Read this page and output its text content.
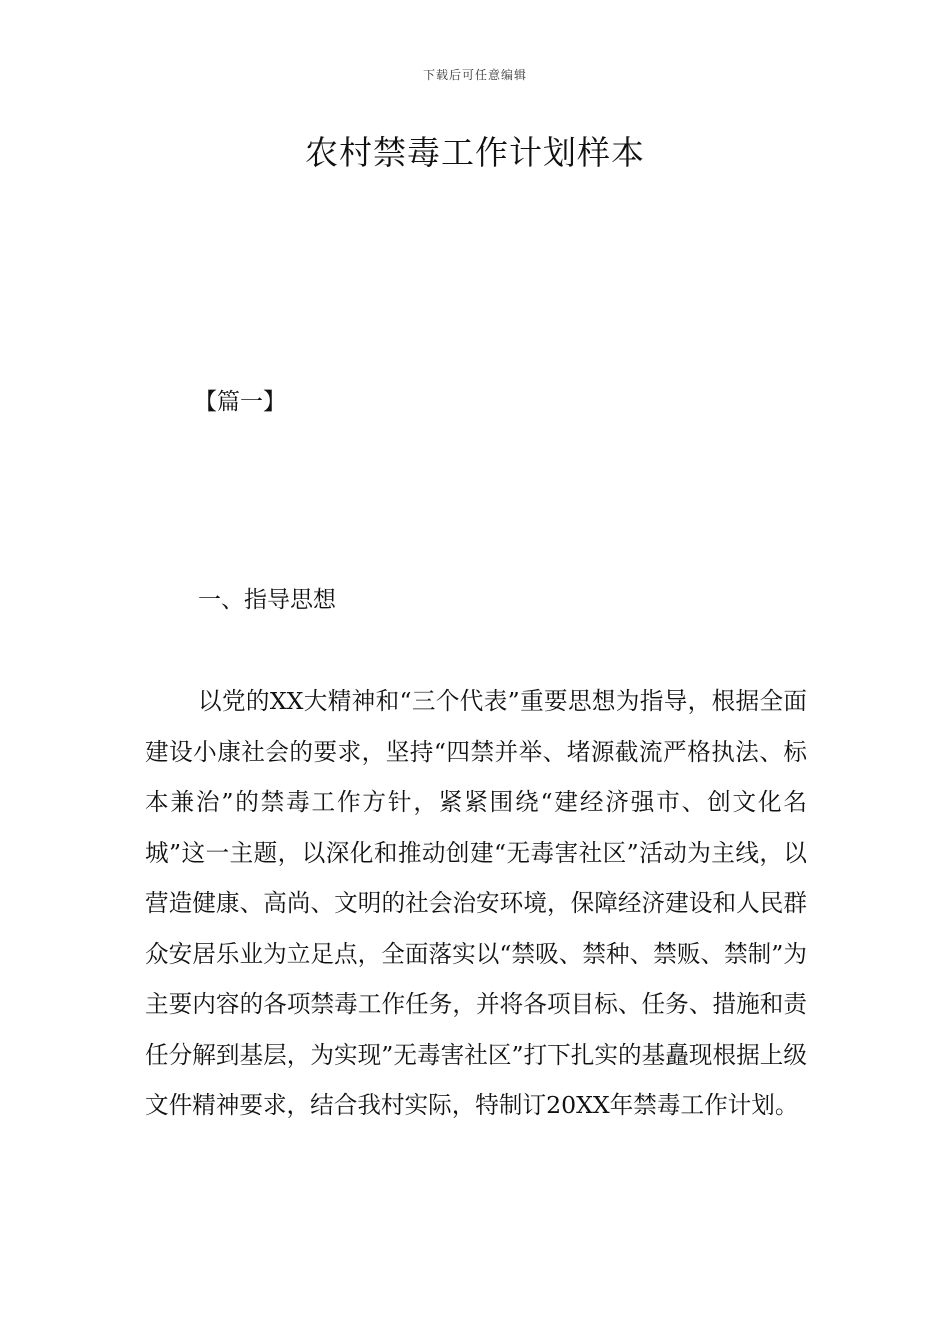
下载后可任意编辑
农村禁毒工作计划样本
【篇一】
一、指导思想

以党的XX大精神和“三个代表”重要思想为指导，根据全面建设小康社会的要求，坚持“四禁并举、堵源截流严格执法、标本兼治”的禁毒工作方针，紧紧围绕“建经济强市、创文化名城”这一主题，以深化和推动创建“无毒害社区”活动为主线，以营造健康、高尚、文明的社会治安环境，保障经济建设和人民群众安居乐业为立足点，全面落实以“禁吸、禁种、禁贩、禁制”为主要内容的各项禁毒工作任务，并将各项目标、任务、措施和责任分解到基层，为实现”无毒害社区”打下扎实的基矗现根据上级文件精神要求，结合我村实际，特制订20XX年禁毒工作计划。
